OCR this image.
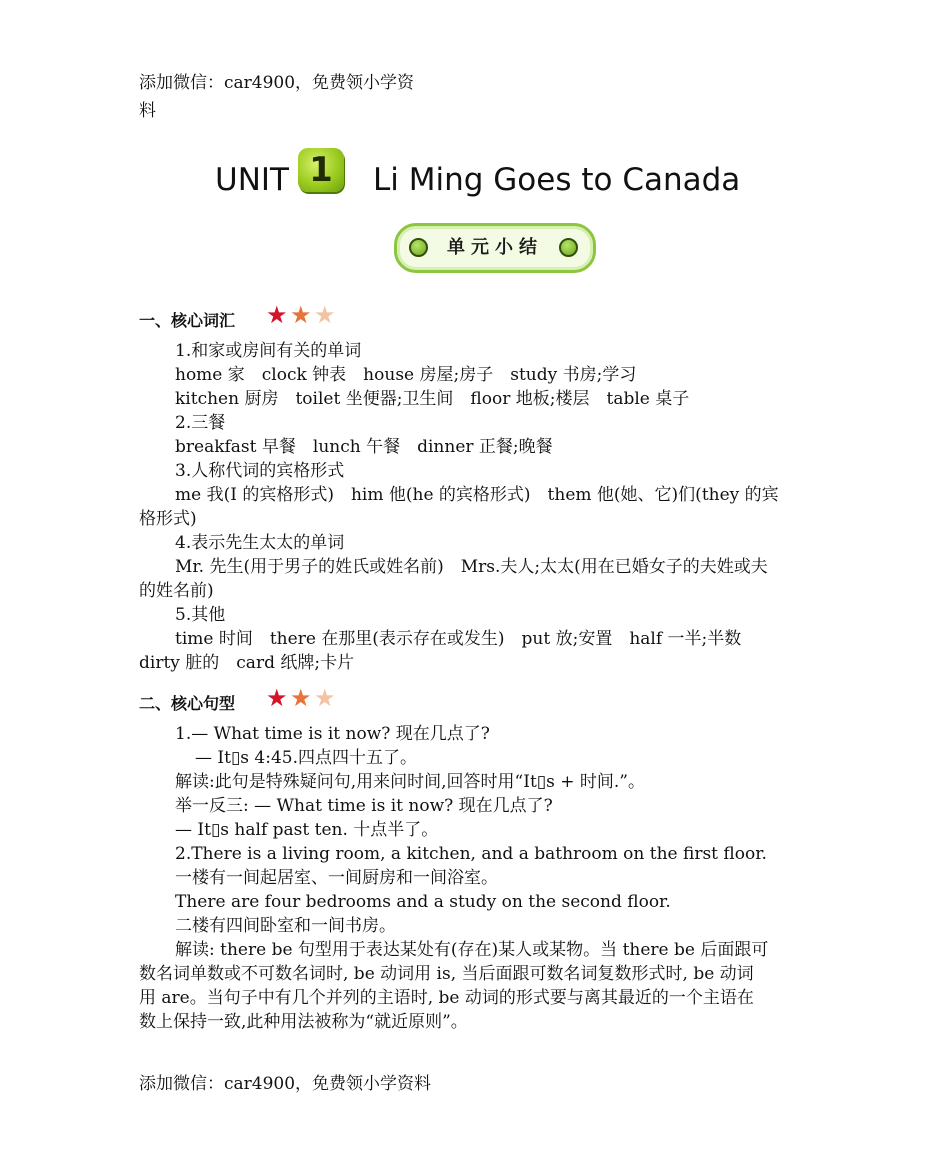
添加微信：car4900，免费领小学资
料
UNIT 1	Li Ming Goes to Canada
单元小结
一、核心词汇 ★ ★ ★
1.和家或房间有关的单词
home 家　clock 钟表　house 房屋;房子　study 书房;学习
kitchen 厨房　toilet 坐便器;卫生间　floor 地板;楼层　table 桌子
2.三餐
breakfast 早餐　lunch 午餐　dinner 正餐;晚餐
3.人称代词的宾格形式
me 我(I 的宾格形式)　him 他(he 的宾格形式)　them 他(她、它)们(they 的宾
格形式)
4.表示先生太太的单词
Mr. 先生(用于男子的姓氏或姓名前)　Mrs.夫人;太太(用在已婚女子的夫姓或夫
的姓名前)
5.其他
time 时间　there 在那里(表示存在或发生)　put 放;安置　half 一半;半数
dirty 脏的　card 纸牌;卡片
二、核心句型 ★ ★ ★
1.— What time is it now? 现在几点了?
— It▯s 4:45.四点四十五了。
解读:此句是特殊疑问句,用来问时间,回答时用“It▯s + 时间.”。
举一反三: — What time is it now? 现在几点了?
— It▯s half past ten. 十点半了。
2.There is a living room, a kitchen, and a bathroom on the first floor.
一楼有一间起居室、一间厨房和一间浴室。
There are four bedrooms and a study on the second floor.
二楼有四间卧室和一间书房。
解读: there be 句型用于表达某处有(存在)某人或某物。当 there be 后面跟可
数名词单数或不可数名词时, be 动词用 is, 当后面跟可数名词复数形式时, be 动词
用 are。当句子中有几个并列的主语时, be 动词的形式要与离其最近的一个主语在
数上保持一致,此种用法被称为“就近原则”。
添加微信：car4900，免费领小学资料
